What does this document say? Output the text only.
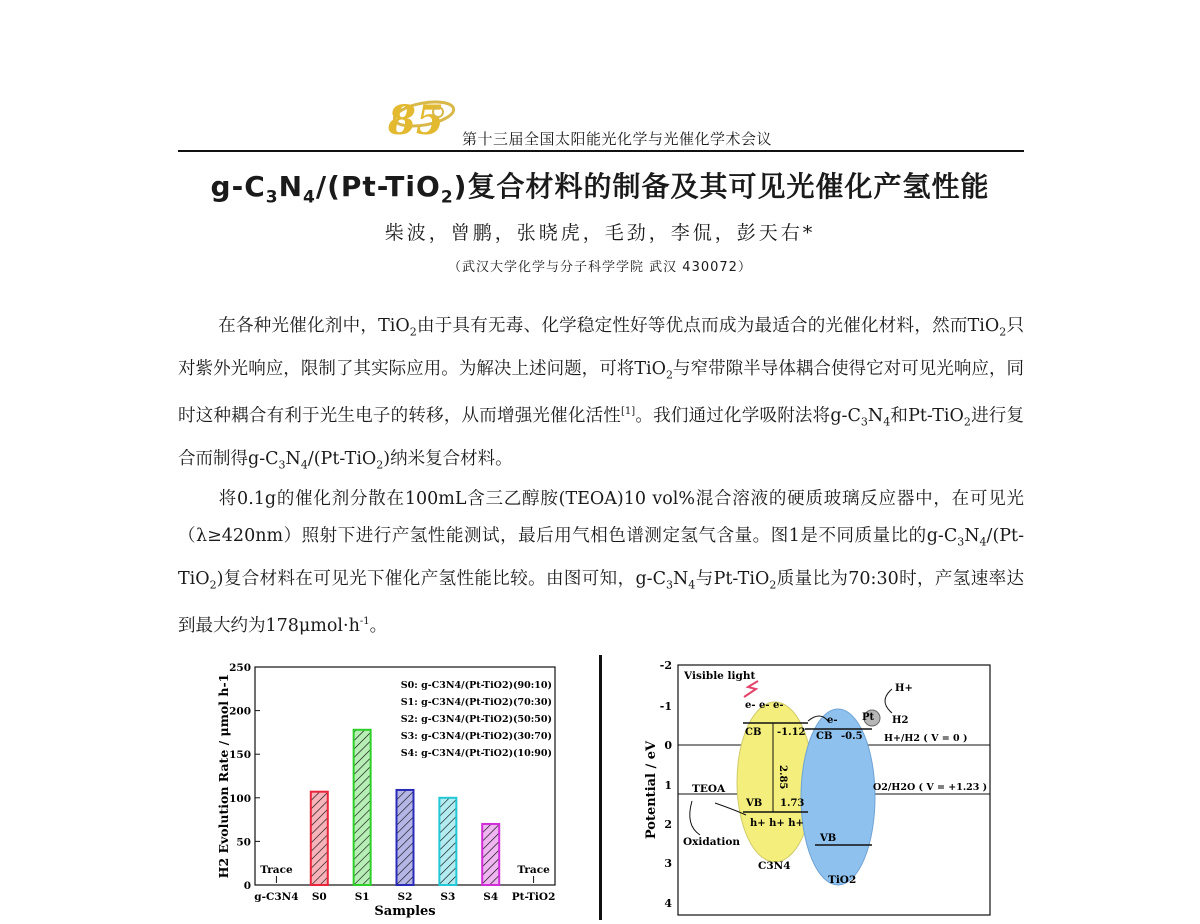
85 第十三届全国太阳能光化学与光催化学术会议
$g-C_3N_4/(Pt-TiO_2)$复合材料的制备及其可见光催化产氢性能
柴波，曾鹏，张晓虎，毛劲，李侃，彭天右*
（武汉大学化学与分子科学学院 武汉 430072）
在各种光催化剂中，TiO$_2$由于具有无毒、化学稳定性好等优点而成为最适合的光催化材料，然而TiO$_2$只对紫外光响应，限制了其实际应用。为解决上述问题，可将TiO$_2$与窄带隙半导体耦合使得它对可见光响应，同时这种耦合有利于光生电子的转移，从而增强光催化活性[1]。我们通过化学吸附法将$g-C_3N_4$和Pt-TiO$_2$进行复合而制得$g-C_3N_4/(Pt-TiO_2)$纳米复合材料。
将0.1g的催化剂分散在100mL含三乙醇胺(TEOA)10 vol%混合溶液的硬质玻璃反应器中，在可见光（λ≥420nm）照射下进行产氢性能测试，最后用气相色谱测定氢气含量。图1是不同质量比的$g-C_3N_4/(Pt-TiO_2)$复合材料在可见光下催化产氢性能比较。由图可知，$g-C_3N_4$与Pt-TiO$_2$质量比为70:30时，产氢速率达到最大约为$178\mu mol\cdot h^{-1}$。
0
50
100
150
200
250
Trace
g-C3N4 S0	S1	S2	S3	S4
Trace
Pt-TiO2
S0: g-C3N4/(Pt-TiO2)(90:10)
S1: g-C3N4/(Pt-TiO2)(70:30)
S2: g-C3N4/(Pt-TiO2)(50:50)
S3: g-C3N4/(Pt-TiO2)(30:70)
S4: g-C3N4/(Pt-TiO2)(10:90)
H2 Evolution Rate / μmol h-1
Samples
Potential / eV
-2
-1
0
1
2
3
4
2.85
Visible light
e- e- e-
CB -1.12
e- Pt
H+
H2
CB -0.5 H+/H2 ( V = 0 )
O2/H2O ( V = +1.23 )
TEOA
Oxidation
VB 1.73
h+ h+ h+
C3N4
VB
TiO2
